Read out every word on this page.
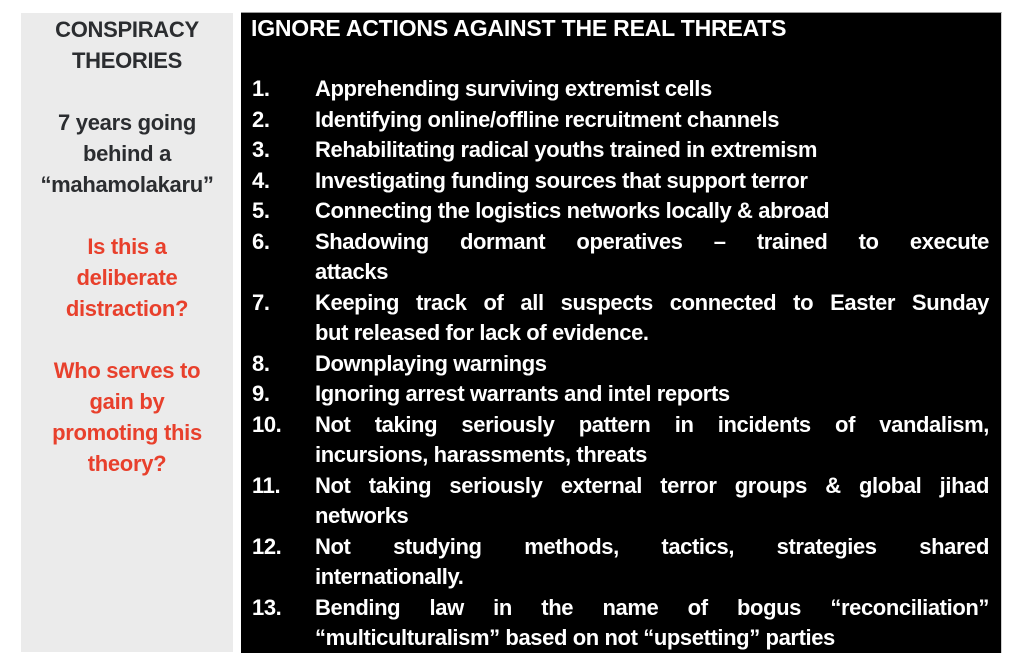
CONSPIRACY
THEORIES
7 years going
behind a
“mahamolakaru”
Is this a
deliberate
distraction?
Who serves to
gain by
promoting this
theory?
IGNORE ACTIONS AGAINST THE REAL THREATS
1. Apprehending surviving extremist cells
2. Identifying online/offline recruitment channels
3. Rehabilitating radical youths trained in extremism
4. Investigating funding sources that support terror
5. Connecting the logistics networks locally & abroad
6. Shadowing dormant operatives – trained to execute
attacks
7. Keeping track of all suspects connected to Easter Sunday
but released for lack of evidence.
8. Downplaying warnings
9. Ignoring arrest warrants and intel reports
10. Not taking seriously pattern in incidents of vandalism,
incursions, harassments, threats
11. Not taking seriously external terror groups & global jihad
networks
12. Not studying methods, tactics, strategies shared
internationally.
13. Bending law in the name of bogus “reconciliation”
“multiculturalism” based on not “upsetting” parties
